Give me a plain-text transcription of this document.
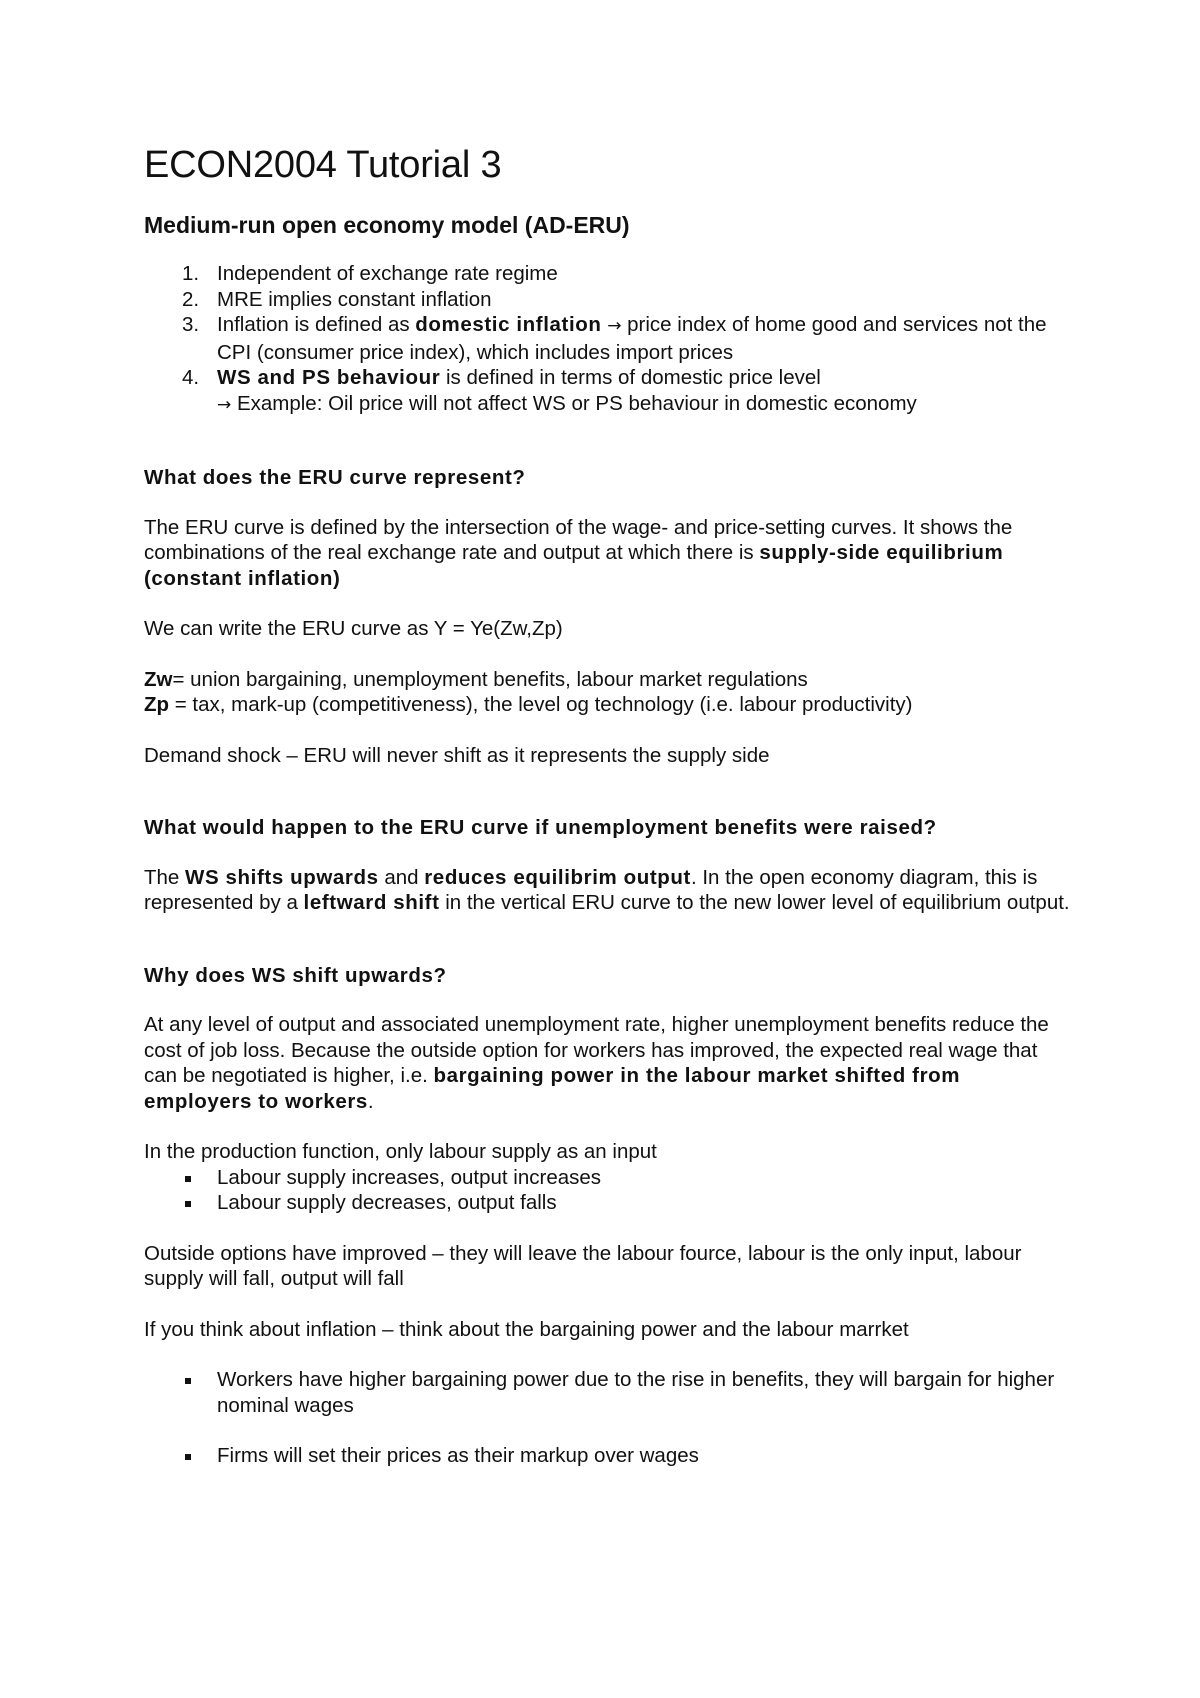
ECON2004 Tutorial 3
Medium-run open economy model (AD-ERU)
1. Independent of exchange rate regime
2. MRE implies constant inflation
3. Inflation is defined as domestic inflation → price index of home good and services not the CPI (consumer price index), which includes import prices
4. WS and PS behaviour is defined in terms of domestic price level
→ Example: Oil price will not affect WS or PS behaviour in domestic economy

What does the ERU curve represent?

The ERU curve is defined by the intersection of the wage- and price-setting curves. It shows the combinations of the real exchange rate and output at which there is supply-side equilibrium (constant inflation)

We can write the ERU curve as Y = Ye(Zw,Zp)

Zw= union bargaining, unemployment benefits, labour market regulations
Zp = tax, mark-up (competitiveness), the level og technology (i.e. labour productivity)

Demand shock – ERU will never shift as it represents the supply side

What would happen to the ERU curve if unemployment benefits were raised?

The WS shifts upwards and reduces equilibrim output. In the open economy diagram, this is represented by a leftward shift in the vertical ERU curve to the new lower level of equilibrium output.

Why does WS shift upwards?

At any level of output and associated unemployment rate, higher unemployment benefits reduce the cost of job loss. Because the outside option for workers has improved, the expected real wage that can be negotiated is higher, i.e. bargaining power in the labour market shifted from employers to workers.

In the production function, only labour supply as an input

Labour supply increases, output increases
Labour supply decreases, output falls

Outside options have improved – they will leave the labour fource, labour is the only input, labour supply will fall, output will fall

If you think about inflation – think about the bargaining power and the labour marrket

Workers have higher bargaining power due to the rise in benefits, they will bargain for higher nominal wages
Firms will set their prices as their markup over wages
